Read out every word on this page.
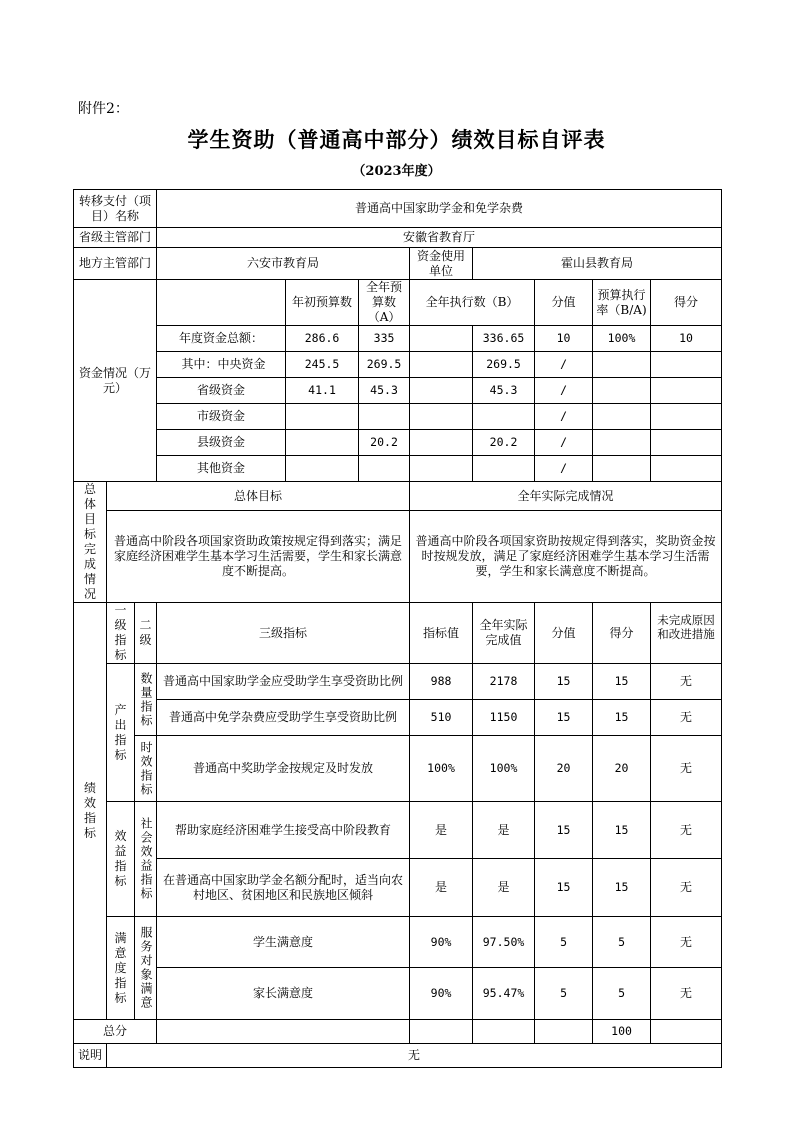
附件2：
学生资助（普通高中部分）绩效目标自评表
（2023年度）
转移支付（项目）名称			普通高中国家助学金和免学杂费							
省级主管部门			安徽省教育厅							
地方主管部门			六安市教育局			资金使用单位	霍山县教育局			
资金情况（万元）				年初预算数	全年预算数（A）	全年执行数（B）		分值	预算执行率（B/A)	得分
			年度资金总额：	286.6	335		336.65	10	100%	10
			其中：中央资金	245.5	269.5		269.5	/		
			省级资金	41.1	45.3		45.3	/		
			市级资金					/		
			县级资金		20.2		20.2	/		
			其他资金					/		
总体目标完成情况	总体目标					全年实际完成情况				
	普通高中阶段各项国家资助政策按规定得到落实；满足家庭经济困难学生基本学习生活需要，学生和家长满意度不断提高。					普通高中阶段各项国家资助按规定得到落实，奖助资金按时按规发放，满足了家庭经济困难学生基本学习生活需要，学生和家长满意度不断提高。				
绩效指标	一级指标	二级	三级指标			指标值	全年实际完成值	分值	得分	未完成原因和改进措施

	产出指标	数量指标	普通高中国家助学金应受助学生享受资助比例			988	2178	15	15	无
			普通高中免学杂费应受助学生享受资助比例			510	1150	15	15	无
		时效指标	普通高中奖助学金按规定及时发放			100%	100%	20	20	无
	效益指标	社会效益指标	帮助家庭经济困难学生接受高中阶段教育			是	是	15	15	无
			在普通高中国家助学金名额分配时，适当向农村地区、贫困地区和民族地区倾斜			是	是	15	15	无
	满意度指标	服务对象满意	学生满意度			90%	97.50%	5	5	无
			家长满意度			90%	95.47%	5	5	无
总分									100	
说明	无									
